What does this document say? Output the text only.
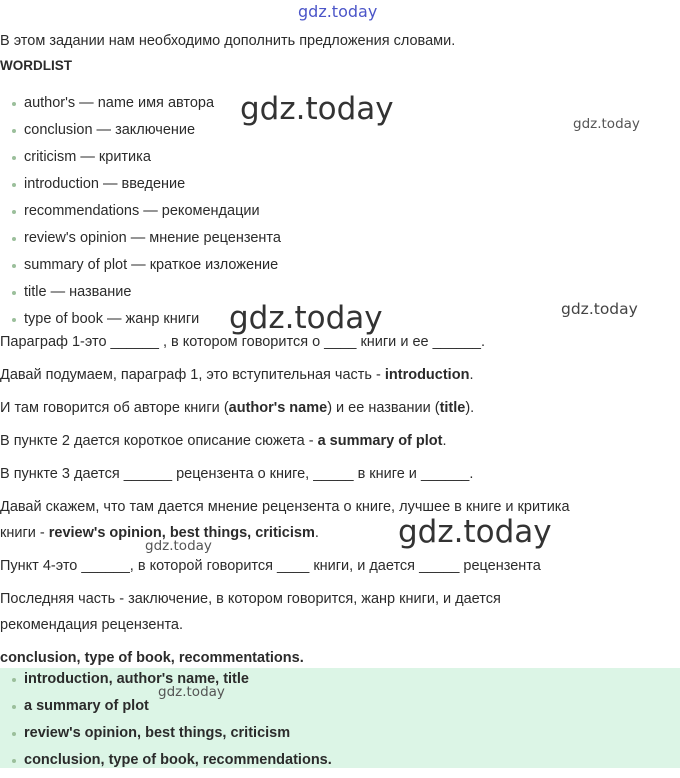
gdz.today
gdz.today	gdz.today
gdz.today	gdz.today
gdz.today
gdz.today
В этом задании нам необходимо дополнить предложения словами.
WORDLIST
author's — name имя автора
conclusion — заключение
criticism — критика
introduction — введение
recommendations — рекомендации
review's opinion — мнение рецензента
summary of plot — краткое изложение
title — название
type of book — жанр книги
Параграф 1-это ______ , в котором говорится о ____ книги и ее ______.
Давай подумаем, параграф 1, это вступительная часть - introduction.
И там говорится об авторе книги (author's name) и ее названии (title).
В пункте 2 дается короткое описание сюжета - a summary of plot.
В пункте 3 дается ______ рецензента о книге, _____ в книге и ______.
Давай скажем, что там дается мнение рецензента о книге, лучшее в книге и критика
книги - review's opinion, best things, criticism.
Пункт 4-это ______, в которой говорится ____ книги, и дается _____ рецензента
Последняя часть - заключение, в котором говорится, жанр книги, и дается
рекомендация рецензента.
conclusion, type of book, recommentations.
introduction, author's name, title
a summary of plot
review's opinion, best things, criticism
conclusion, type of book, recommendations.
gdz.today
